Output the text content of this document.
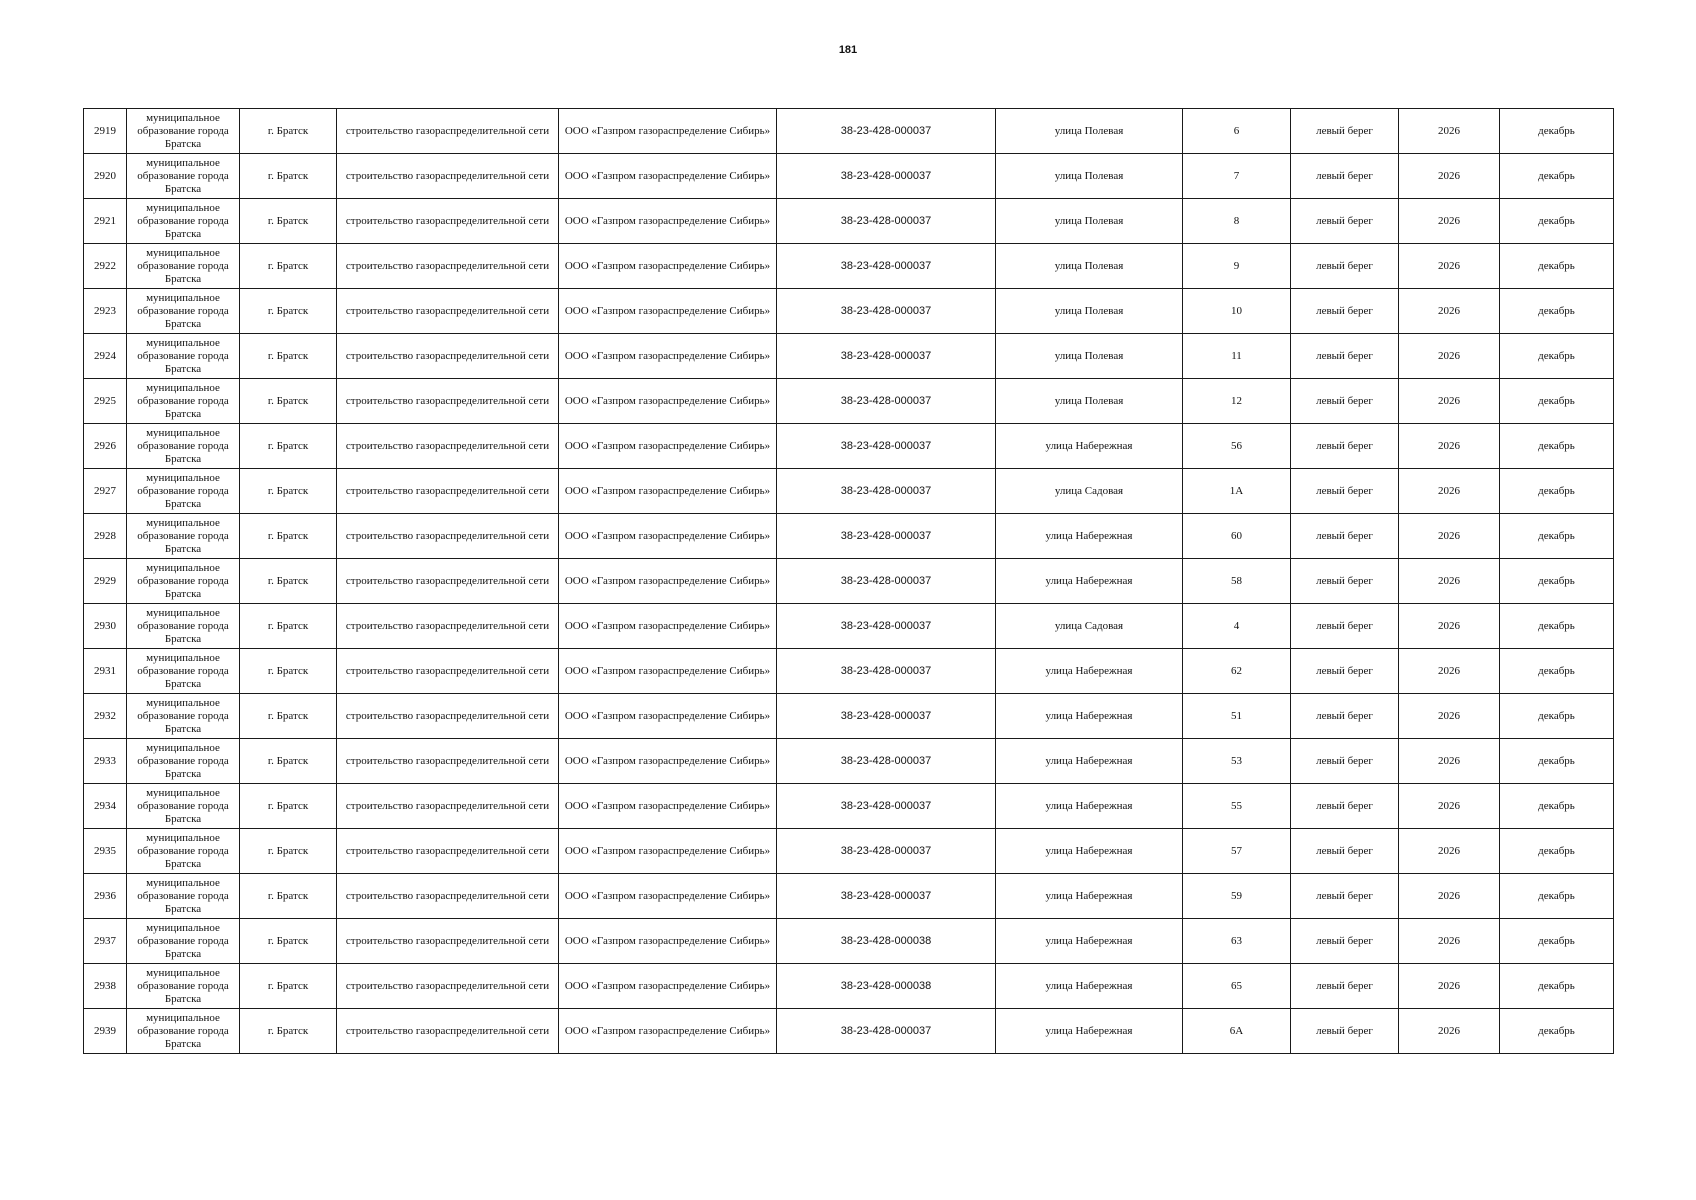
181
2919	муниципальное образование города Братска	г. Братск	строительство газораспределительной сети	ООО «Газпром газораспределение Сибирь»	38-23-428-000037	улица Полевая	6	левый берег	2026	декабрь
2920	муниципальное образование города Братска	г. Братск	строительство газораспределительной сети	ООО «Газпром газораспределение Сибирь»	38-23-428-000037	улица Полевая	7	левый берег	2026	декабрь
2921	муниципальное образование города Братска	г. Братск	строительство газораспределительной сети	ООО «Газпром газораспределение Сибирь»	38-23-428-000037	улица Полевая	8	левый берег	2026	декабрь
2922	муниципальное образование города Братска	г. Братск	строительство газораспределительной сети	ООО «Газпром газораспределение Сибирь»	38-23-428-000037	улица Полевая	9	левый берег	2026	декабрь
2923	муниципальное образование города Братска	г. Братск	строительство газораспределительной сети	ООО «Газпром газораспределение Сибирь»	38-23-428-000037	улица Полевая	10	левый берег	2026	декабрь
2924	муниципальное образование города Братска	г. Братск	строительство газораспределительной сети	ООО «Газпром газораспределение Сибирь»	38-23-428-000037	улица Полевая	11	левый берег	2026	декабрь
2925	муниципальное образование города Братска	г. Братск	строительство газораспределительной сети	ООО «Газпром газораспределение Сибирь»	38-23-428-000037	улица Полевая	12	левый берег	2026	декабрь
2926	муниципальное образование города Братска	г. Братск	строительство газораспределительной сети	ООО «Газпром газораспределение Сибирь»	38-23-428-000037	улица Набережная	56	левый берег	2026	декабрь
2927	муниципальное образование города Братска	г. Братск	строительство газораспределительной сети	ООО «Газпром газораспределение Сибирь»	38-23-428-000037	улица Садовая	1А	левый берег	2026	декабрь
2928	муниципальное образование города Братска	г. Братск	строительство газораспределительной сети	ООО «Газпром газораспределение Сибирь»	38-23-428-000037	улица Набережная	60	левый берег	2026	декабрь
2929	муниципальное образование города Братска	г. Братск	строительство газораспределительной сети	ООО «Газпром газораспределение Сибирь»	38-23-428-000037	улица Набережная	58	левый берег	2026	декабрь
2930	муниципальное образование города Братска	г. Братск	строительство газораспределительной сети	ООО «Газпром газораспределение Сибирь»	38-23-428-000037	улица Садовая	4	левый берег	2026	декабрь
2931	муниципальное образование города Братска	г. Братск	строительство газораспределительной сети	ООО «Газпром газораспределение Сибирь»	38-23-428-000037	улица Набережная	62	левый берег	2026	декабрь
2932	муниципальное образование города Братска	г. Братск	строительство газораспределительной сети	ООО «Газпром газораспределение Сибирь»	38-23-428-000037	улица Набережная	51	левый берег	2026	декабрь
2933	муниципальное образование города Братска	г. Братск	строительство газораспределительной сети	ООО «Газпром газораспределение Сибирь»	38-23-428-000037	улица Набережная	53	левый берег	2026	декабрь
2934	муниципальное образование города Братска	г. Братск	строительство газораспределительной сети	ООО «Газпром газораспределение Сибирь»	38-23-428-000037	улица Набережная	55	левый берег	2026	декабрь
2935	муниципальное образование города Братска	г. Братск	строительство газораспределительной сети	ООО «Газпром газораспределение Сибирь»	38-23-428-000037	улица Набережная	57	левый берег	2026	декабрь
2936	муниципальное образование города Братска	г. Братск	строительство газораспределительной сети	ООО «Газпром газораспределение Сибирь»	38-23-428-000037	улица Набережная	59	левый берег	2026	декабрь
2937	муниципальное образование города Братска	г. Братск	строительство газораспределительной сети	ООО «Газпром газораспределение Сибирь»	38-23-428-000038	улица Набережная	63	левый берег	2026	декабрь
2938	муниципальное образование города Братска	г. Братск	строительство газораспределительной сети	ООО «Газпром газораспределение Сибирь»	38-23-428-000038	улица Набережная	65	левый берег	2026	декабрь
2939	муниципальное образование города Братска	г. Братск	строительство газораспределительной сети	ООО «Газпром газораспределение Сибирь»	38-23-428-000037	улица Набережная	6А	левый берег	2026	декабрь
